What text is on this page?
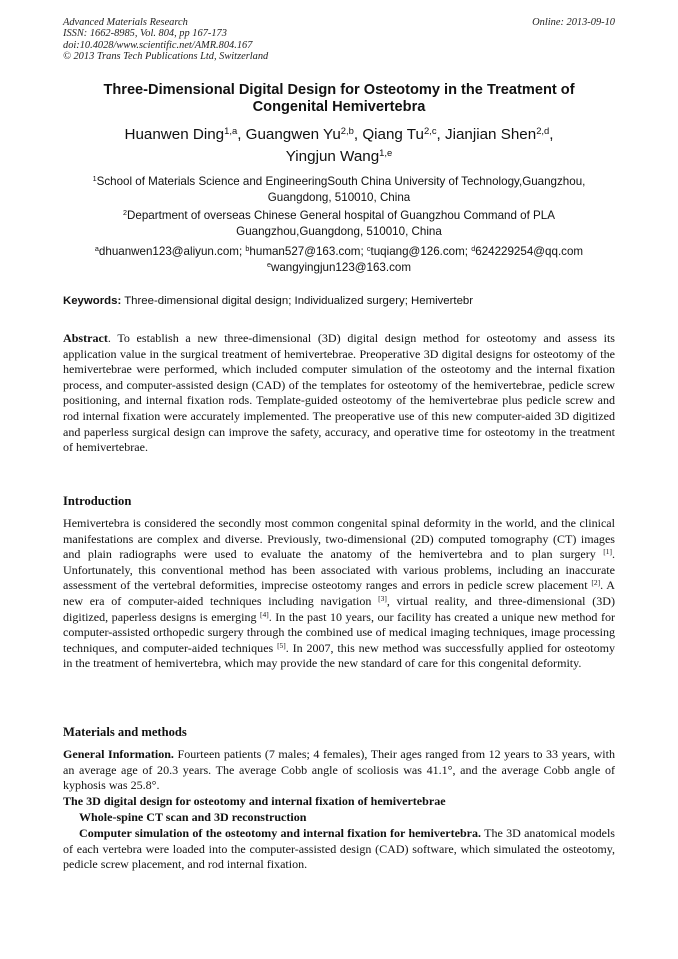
Advanced Materials Research
ISSN: 1662-8985, Vol. 804, pp 167-173
doi:10.4028/www.scientific.net/AMR.804.167
© 2013 Trans Tech Publications Ltd, Switzerland
Online: 2013-09-10
Three-Dimensional Digital Design for Osteotomy in the Treatment of
Congenital Hemivertebra
Huanwen Ding$^{1,a}$, Guangwen Yu$^{2,b}$, Qiang Tu$^{2,c}$, Jianjian Shen$^{2,d}$,
Yingjun Wang$^{1,e}$
$^1$School of Materials Science and EngineeringSouth China University of Technology,Guangzhou,
Guangdong, 510010, China
$^2$Department of overseas Chinese General hospital of Guangzhou Command of PLA
Guangzhou,Guangdong, 510010, China
$^a$dhuanwen123@aliyun.com; $^b$human527@163.com; $^c$tuqiang@126.com; $^d$624229254@qq.com
$^e$wangyingjun123@163.com
Keywords: Three-dimensional digital design; Individualized surgery; Hemivertebr
Abstract. To establish a new three-dimensional (3D) digital design method for osteotomy and assess its application value in the surgical treatment of hemivertebrae. Preoperative 3D digital designs for osteotomy of the hemivertebrae were performed, which included computer simulation of the osteotomy and the internal fixation process, and computer-assisted design (CAD) of the templates for osteotomy of the hemivertebrae, pedicle screw positioning, and internal fixation rods. Template-guided osteotomy of the hemivertebrae plus pedicle screw and rod internal fixation were accurately implemented. The preoperative use of this new computer-aided 3D digitized and paperless surgical design can improve the safety, accuracy, and operative time for osteotomy in the treatment of hemivertebrae.
Introduction
Hemivertebra is considered the secondly most common congenital spinal deformity in the world, and the clinical manifestations are complex and diverse. Previously, two-dimensional (2D) computed tomography (CT) images and plain radiographs were used to evaluate the anatomy of the hemivertebra and to plan surgery [1]. Unfortunately, this conventional method has been associated with various problems, including an inaccurate assessment of the vertebral deformities, imprecise osteotomy ranges and errors in pedicle screw placement [2]. A new era of computer-aided techniques including navigation [3], virtual reality, and three-dimensional (3D) digitized, paperless designs is emerging [4]. In the past 10 years, our facility has created a unique new method for computer-assisted orthopedic surgery through the combined use of medical imaging techniques, image processing techniques, and computer-aided techniques [5]. In 2007, this new method was successfully applied for osteotomy in the treatment of hemivertebra, which may provide the new standard of care for this congenital deformity.
Materials and methods
General Information. Fourteen patients (7 males; 4 females), Their ages ranged from 12 years to 33 years, with an average age of 20.3 years. The average Cobb angle of scoliosis was 41.1°, and the average Cobb angle of kyphosis was 25.8°.
The 3D digital design for osteotomy and internal fixation of hemivertebrae
Whole-spine CT scan and 3D reconstruction
Computer simulation of the osteotomy and internal fixation for hemivertebra. The 3D anatomical models of each vertebra were loaded into the computer-assisted design (CAD) software, which simulated the osteotomy, pedicle screw placement, and rod internal fixation.
